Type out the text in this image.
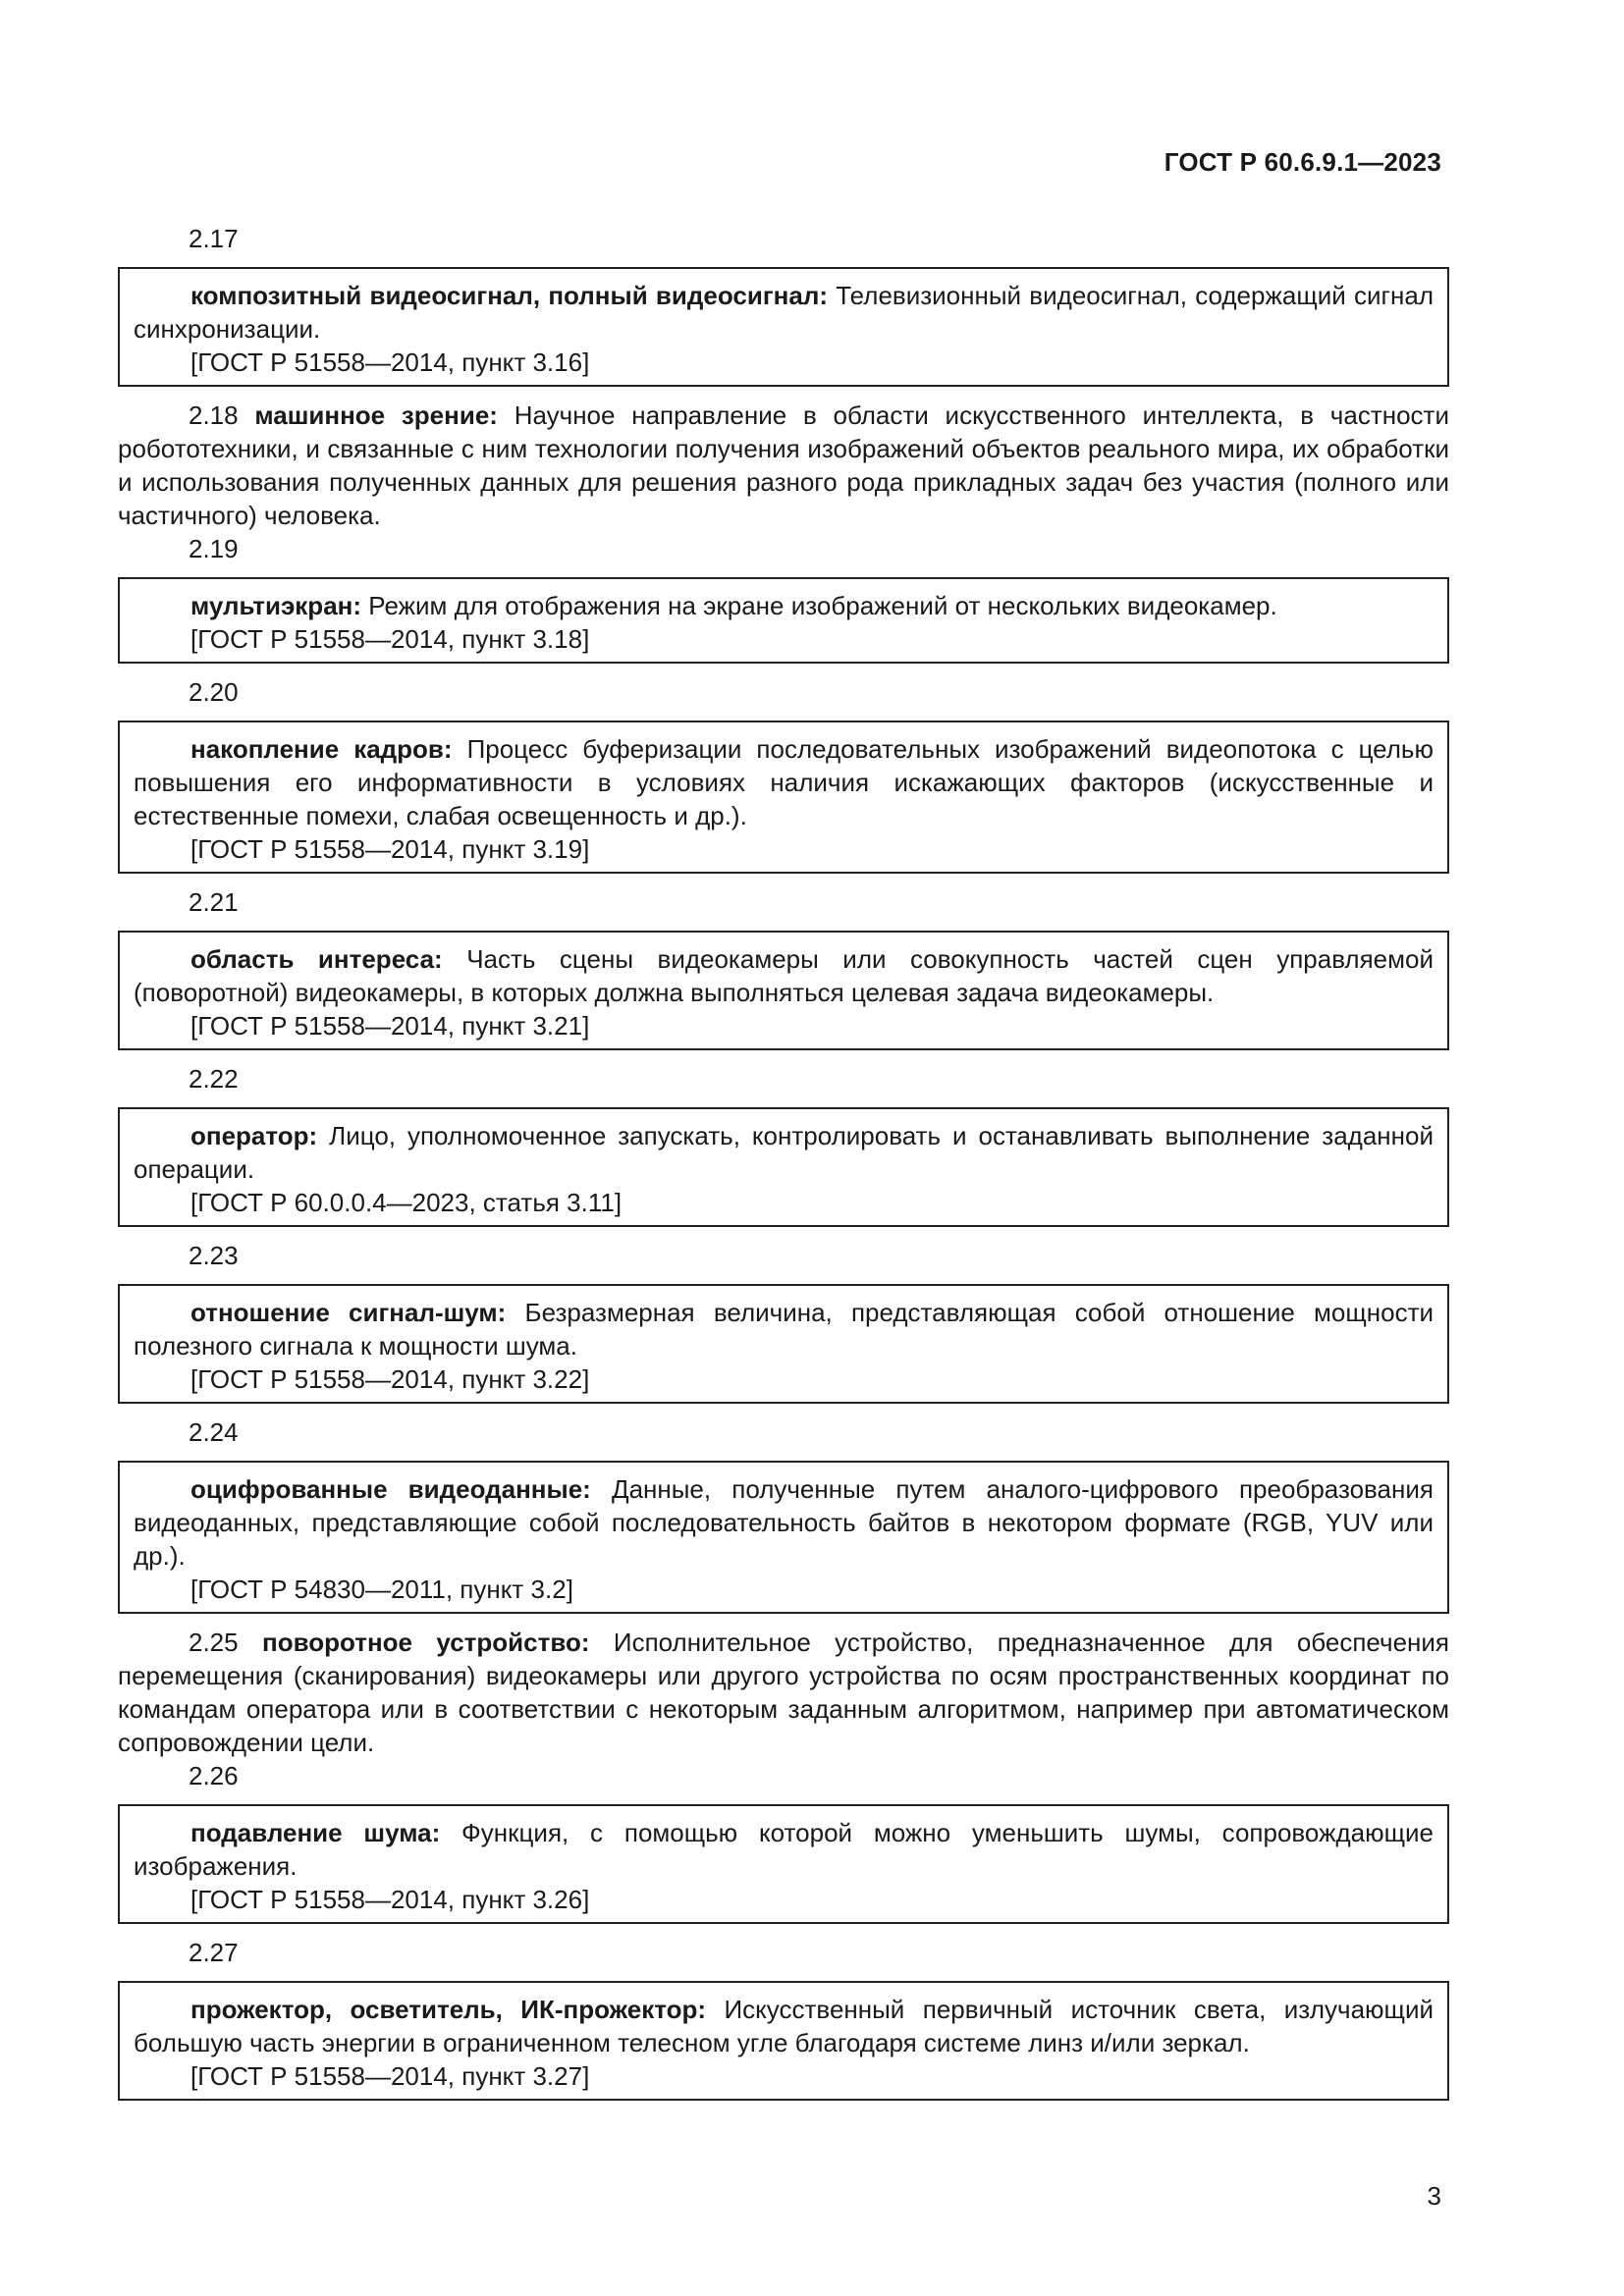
ГОСТ Р 60.6.9.1—2023
2.17

композитный видеосигнал, полный видеосигнал: Телевизионный видеосигнал, содержащий сигнал синхронизации.

[ГОСТ Р 51558—2014, пункт 3.16]

2.18 машинное зрение: Научное направление в области искусственного интеллекта, в частности робототехники, и связанные с ним технологии получения изображений объектов реального мира, их обработки и использования полученных данных для решения разного рода прикладных задач без участия (полного или частичного) человека.

2.19

мультиэкран: Режим для отображения на экране изображений от нескольких видеокамер.

[ГОСТ Р 51558—2014, пункт 3.18]
2.20

накопление кадров: Процесс буферизации последовательных изображений видеопотока с целью повышения его информативности в условиях наличия искажающих факторов (искусственные и естественные помехи, слабая освещенность и др.).

[ГОСТ Р 51558—2014, пункт 3.19]
2.21

область интереса: Часть сцены видеокамеры или совокупность частей сцен управляемой (поворотной) видеокамеры, в которых должна выполняться целевая задача видеокамеры.

[ГОСТ Р 51558—2014, пункт 3.21]
2.22

оператор: Лицо, уполномоченное запускать, контролировать и останавливать выполнение заданной операции.

[ГОСТ Р 60.0.0.4—2023, статья 3.11]
2.23

отношение сигнал-шум: Безразмерная величина, представляющая собой отношение мощности полезного сигнала к мощности шума.

[ГОСТ Р 51558—2014, пункт 3.22]
2.24

оцифрованные видеоданные: Данные, полученные путем аналого-цифрового преобразования видеоданных, представляющие собой последовательность байтов в некотором формате (RGB, YUV или др.).

[ГОСТ Р 54830—2011, пункт 3.2]

2.25 поворотное устройство: Исполнительное устройство, предназначенное для обеспечения перемещения (сканирования) видеокамеры или другого устройства по осям пространственных координат по командам оператора или в соответствии с некоторым заданным алгоритмом, например при автоматическом сопровождении цели.

2.26

подавление шума: Функция, с помощью которой можно уменьшить шумы, сопровождающие изображения.

[ГОСТ Р 51558—2014, пункт 3.26]
2.27

прожектор, осветитель, ИК-прожектор: Искусственный первичный источник света, излучающий большую часть энергии в ограниченном телесном угле благодаря системе линз и/или зеркал.

[ГОСТ Р 51558—2014, пункт 3.27]
3
